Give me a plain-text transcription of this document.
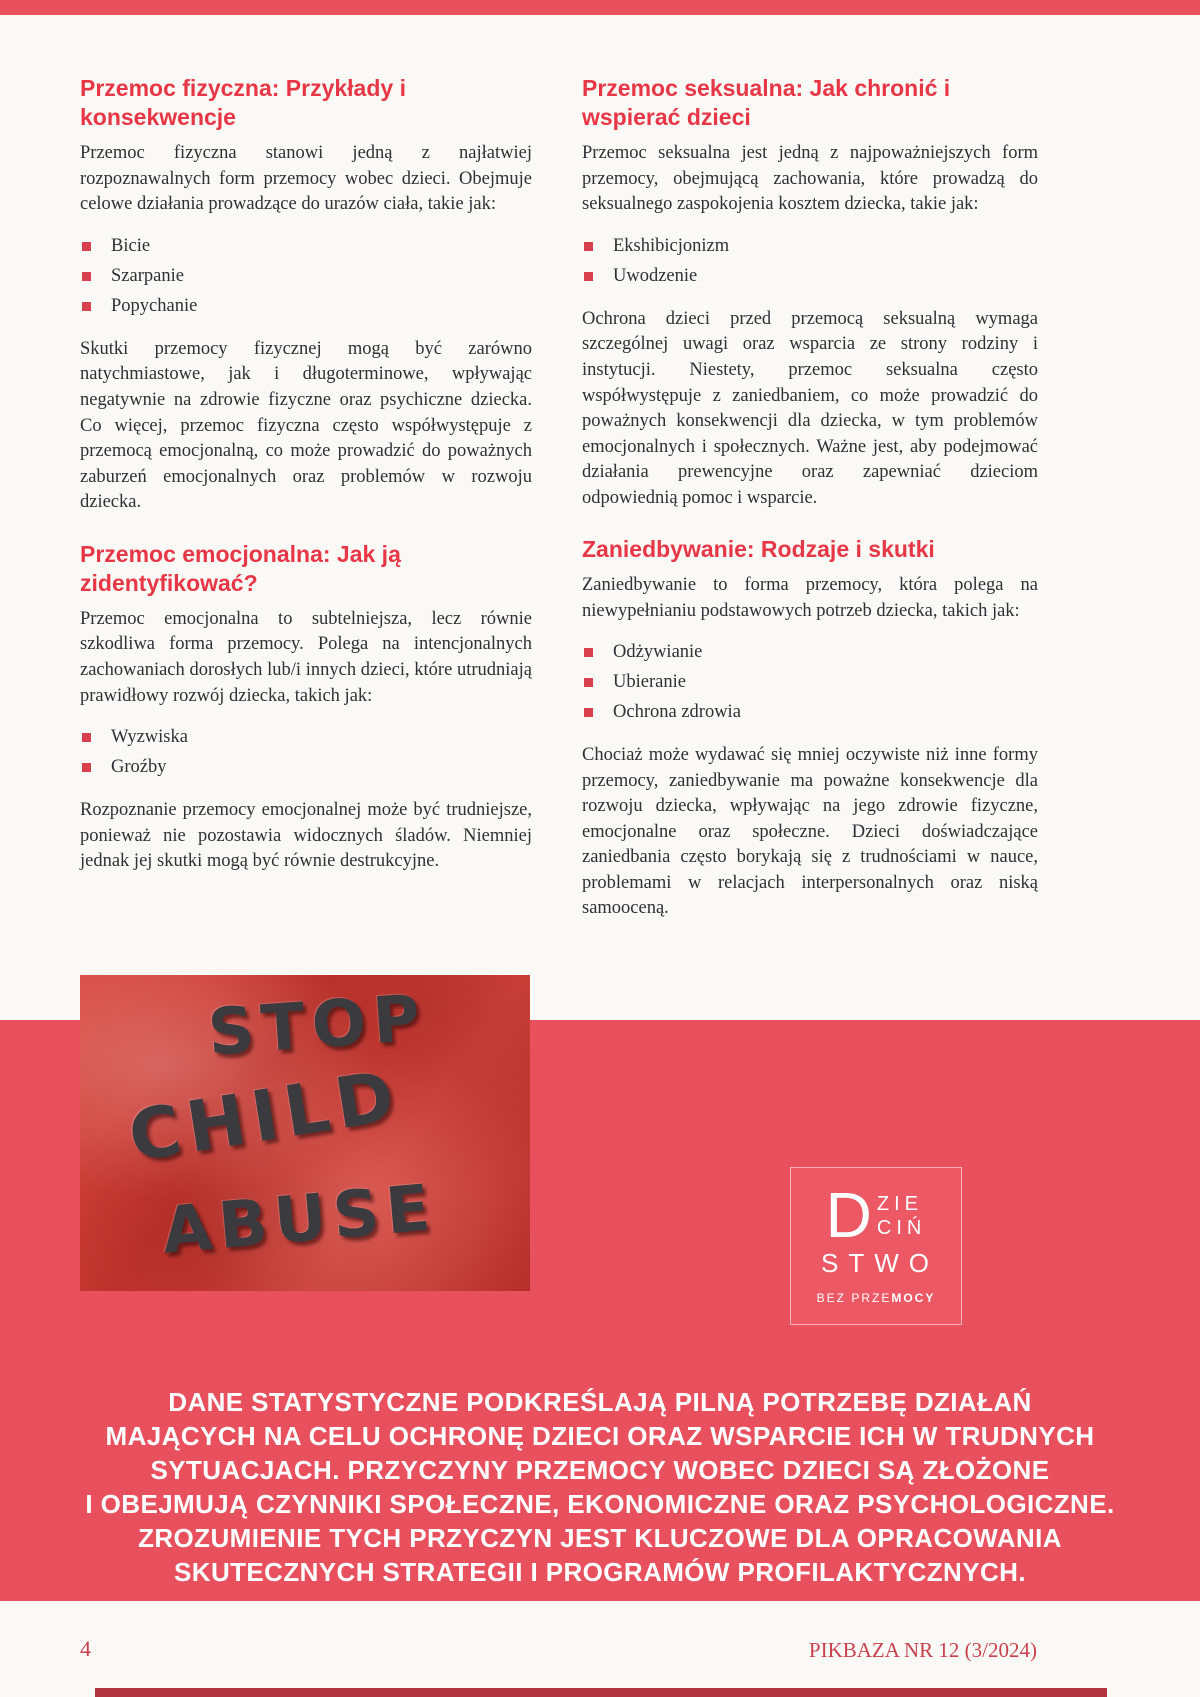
Przemoc fizyczna: Przykłady i konsekwencje

Przemoc fizyczna stanowi jedną z najłatwiej rozpoznawalnych form przemocy wobec dzieci. Obejmuje celowe działania prowadzące do urazów ciała, takie jak:

Bicie
Szarpanie
Popychanie

Skutki przemocy fizycznej mogą być zarówno natychmiastowe, jak i długoterminowe, wpływając negatywnie na zdrowie fizyczne oraz psychiczne dziecka. Co więcej, przemoc fizyczna często współwystępuje z przemocą emocjonalną, co może prowadzić do poważnych zaburzeń emocjonalnych oraz problemów w rozwoju dziecka.

Przemoc emocjonalna: Jak ją zidentyfikować?

Przemoc emocjonalna to subtelniejsza, lecz równie szkodliwa forma przemocy. Polega na intencjonalnych zachowaniach dorosłych lub/i innych dzieci, które utrudniają prawidłowy rozwój dziecka, takich jak:

Wyzwiska
Groźby

Rozpoznanie przemocy emocjonalnej może być trudniejsze, ponieważ nie pozostawia widocznych śladów. Niemniej jednak jej skutki mogą być równie destrukcyjne.

Przemoc seksualna: Jak chronić i wspierać dzieci

Przemoc seksualna jest jedną z najpoważniejszych form przemocy, obejmującą zachowania, które prowadzą do seksualnego zaspokojenia kosztem dziecka, takie jak:

Ekshibicjonizm
Uwodzenie

Ochrona dzieci przed przemocą seksualną wymaga szczególnej uwagi oraz wsparcia ze strony rodziny i instytucji. Niestety, przemoc seksualna często współwystępuje z zaniedbaniem, co może prowadzić do poważnych konsekwencji dla dziecka, w tym problemów emocjonalnych i społecznych. Ważne jest, aby podejmować działania prewencyjne oraz zapewniać dzieciom odpowiednią pomoc i wsparcie.

Zaniedbywanie: Rodzaje i skutki

Zaniedbywanie to forma przemocy, która polega na niewypełnianiu podstawowych potrzeb dziecka, takich jak:

Odżywianie
Ubieranie
Ochrona zdrowia

Chociaż może wydawać się mniej oczywiste niż inne formy przemocy, zaniedbywanie ma poważne konsekwencje dla rozwoju dziecka, wpływając na jego zdrowie fizyczne, emocjonalne oraz społeczne. Dzieci doświadczające zaniedbania często borykają się z trudnościami w nauce, problemami w relacjach interpersonalnych oraz niską samooceną.

STOP
CHILD
ABUSE	D ZIE
CIŃ
STWO
BEZ PRZEMOCY
DANE STATYSTYCZNE PODKREŚLAJĄ PILNĄ POTRZEBĘ DZIAŁAŃ
MAJĄCYCH NA CELU OCHRONĘ DZIECI ORAZ WSPARCIE ICH W TRUDNYCH
SYTUACJACH. PRZYCZYNY PRZEMOCY WOBEC DZIECI SĄ ZŁOŻONE
I OBEJMUJĄ CZYNNIKI SPOŁECZNE, EKONOMICZNE ORAZ PSYCHOLOGICZNE.
ZROZUMIENIE TYCH PRZYCZYN JEST KLUCZOWE DLA OPRACOWANIA
SKUTECZNYCH STRATEGII I PROGRAMÓW PROFILAKTYCZNYCH.
4	PIKBAZA NR 12 (3/2024)
